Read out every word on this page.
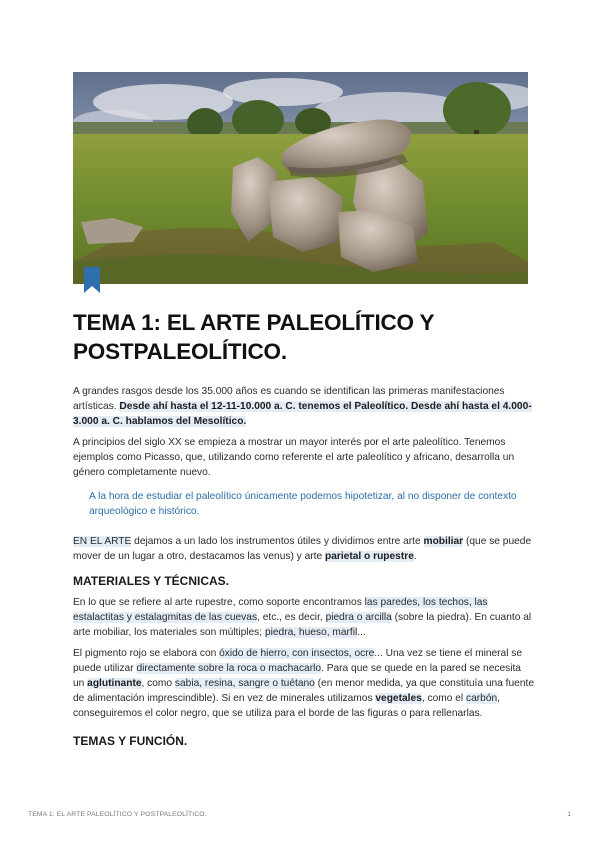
TEMA 1: EL ARTE PALEOLÍTICO Y POSTPALEOLÍTICO.

A grandes rasgos desde los 35.000 años es cuando se identifican las primeras manifestaciones artísticas. Desde ahí hasta el 12-11-10.000 a. C. tenemos el Paleolítico. Desde ahí hasta el 4.000-3.000 a. C. hablamos del Mesolítico.

A principios del siglo XX se empieza a mostrar un mayor interés por el arte paleolítico. Tenemos ejemplos como Picasso, que, utilizando como referente el arte paleolítico y africano, desarrolla un género completamente nuevo.

A la hora de estudiar el paleolítico únicamente podemos hipotetizar, al no disponer de contexto arqueológico e histórico.

EN EL ARTE dejamos a un lado los instrumentos útiles y dividimos entre arte mobiliar (que se puede mover de un lugar a otro, destacamos las venus) y arte parietal o rupestre.

MATERIALES Y TÉCNICAS.

En lo que se refiere al arte rupestre, como soporte encontramos las paredes, los techos, las estalactitas y estalagmitas de las cuevas, etc., es decir, piedra o arcilla (sobre la piedra). En cuanto al arte mobiliar, los materiales son múltiples; piedra, hueso, marfil...

El pigmento rojo se elabora con óxido de hierro, con insectos, ocre... Una vez se tiene el mineral se puede utilizar directamente sobre la roca o machacarlo. Para que se quede en la pared se necesita un aglutinante, como sabia, resina, sangre o tuétano (en menor medida, ya que constituía una fuente de alimentación imprescindible). Si en vez de minerales utilizamos vegetales, como el carbón, conseguiremos el color negro, que se utiliza para el borde de las figuras o para rellenarlas.

TEMAS Y FUNCIÓN.
TEMA 1: EL ARTE PALEOLÍTICO Y POSTPALEOLÍTICO.	1
